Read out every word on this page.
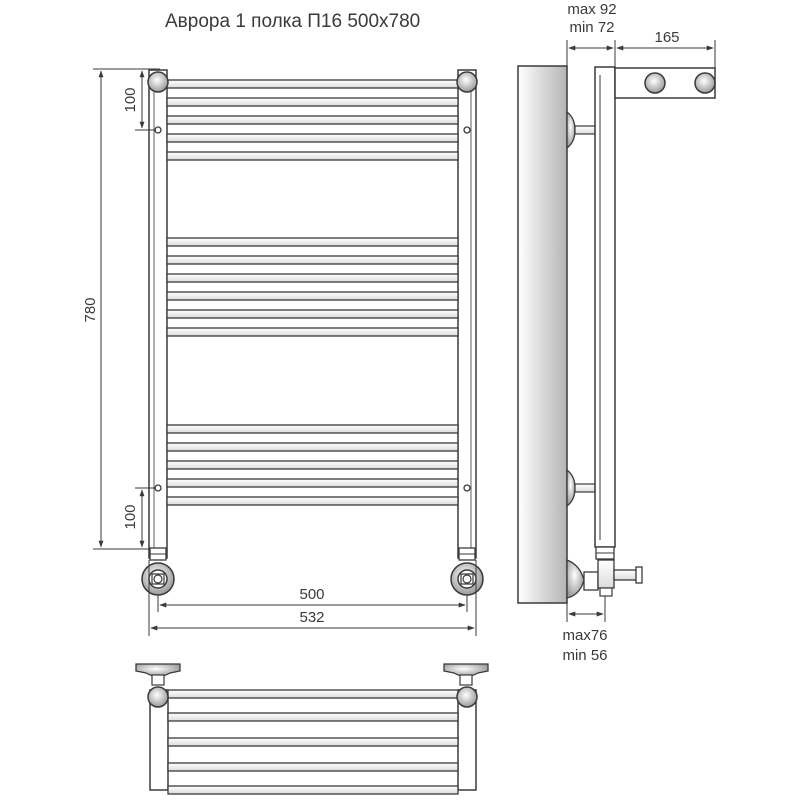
Аврора 1 полка П16 500х780
780
100
100
500
532
max 92
min 72
165
max76
min 56
